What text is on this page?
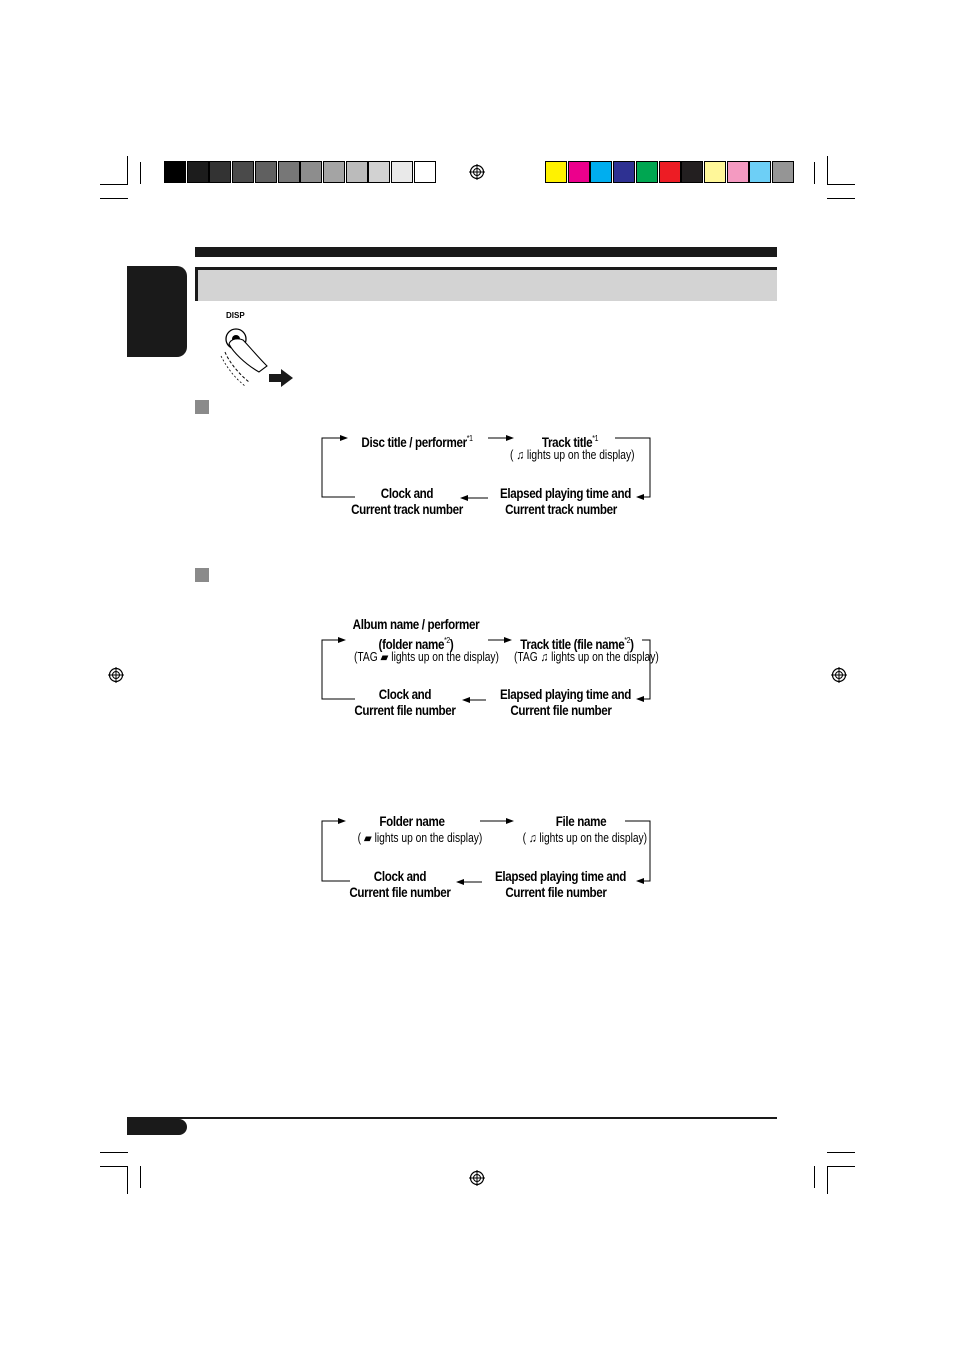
DISP
Disc title / performer$^{*1}$	Track title$^{*1}$
( ♫ lights up on the display)
Elapsed playing time and
Current track number
Clock and
Current track number
Album name / performer
(folder name$^{*2}$)
(TAG ▰ lights up on the display)
Track title (file name$^{*2}$)
(TAG ♫ lights up on the display)
Elapsed playing time and
Current file number
Clock and
Current file number
Folder name
( ▰ lights up on the display)
File name
( ♫ lights up on the display)
Elapsed playing time and
Current file number
Clock and
Current file number
